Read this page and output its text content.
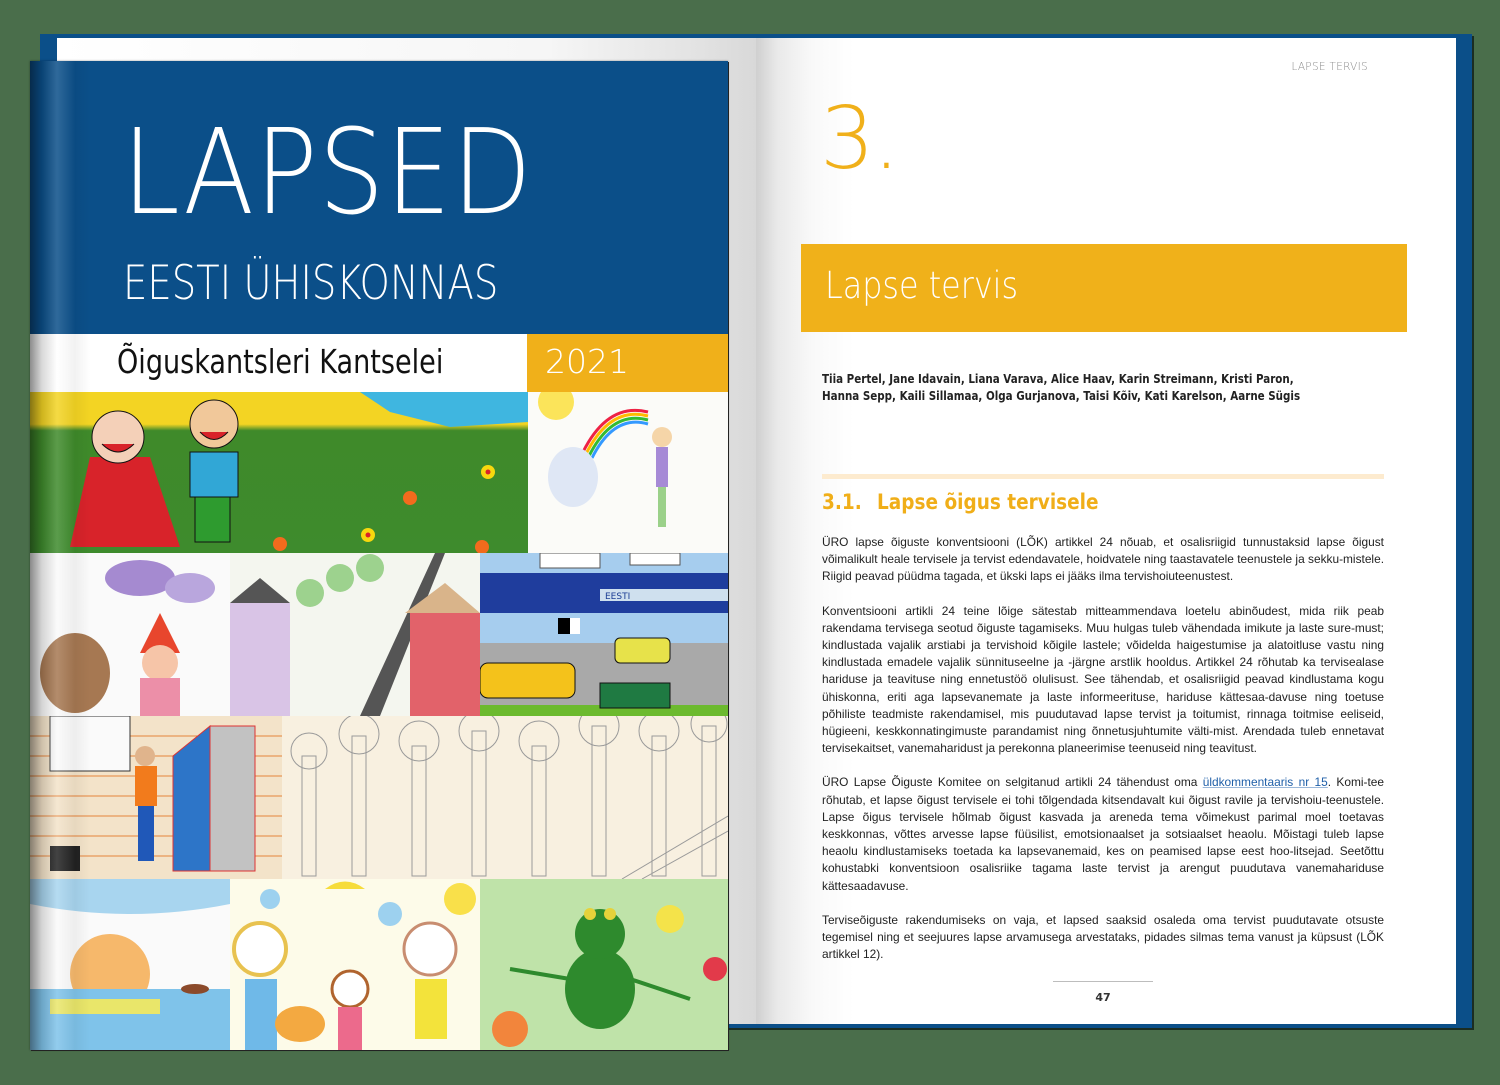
LAPSE TERVIS
3.
Lapse tervis
Tiia Pertel, Jane Idavain, Liana Varava, Alice Haav, Karin Streimann, Kristi Paron,
Hanna Sepp, Kaili Sillamaa, Olga Gurjanova, Taisi Kõiv, Kati Karelson, Aarne Sügis
3.1. Lapse õigus tervisele

ÜRO lapse õiguste konventsiooni (LÕK) artikkel 24 nõuab, et osalisriigid tunnustaksid lapse õigust võimalikult heale tervisele ja tervist edendavatele, hoidvatele ning taastavatele teenustele ja sekku-mistele. Riigid peavad püüdma tagada, et ükski laps ei jääks ilma tervishoiuteenustest.

Konventsiooni artikli 24 teine lõige sätestab mitteammendava loetelu abinõudest, mida riik peab rakendama tervisega seotud õiguste tagamiseks. Muu hulgas tuleb vähendada imikute ja laste sure-must; kindlustada vajalik arstiabi ja tervishoid kõigile lastele; võidelda haigestumise ja alatoitluse vastu ning kindlustada emadele vajalik sünnituseelne ja -järgne arstlik hooldus. Artikkel 24 rõhutab ka tervisealase hariduse ja teavituse ning ennetustöö olulisust. See tähendab, et osalisriigid peavad kindlustama kogu ühiskonna, eriti aga lapsevanemate ja laste informeerituse, hariduse kättesaa-davuse ning toetuse põhiliste teadmiste rakendamisel, mis puudutavad lapse tervist ja toitumist, rinnaga toitmise eeliseid, hügieeni, keskkonnatingimuste parandamist ning õnnetusjuhtumite välti-mist. Arendada tuleb ennetavat tervisekaitset, vanemaharidust ja perekonna planeerimise teenuseid ning teavitust.

ÜRO Lapse Õiguste Komitee on selgitanud artikli 24 tähendust oma üldkommentaaris nr 15. Komi-tee rõhutab, et lapse õigust tervisele ei tohi tõlgendada kitsendavalt kui õigust ravile ja tervishoiu-teenustele. Lapse õigus tervisele hõlmab õigust kasvada ja areneda tema võimekust parimal moel toetavas keskkonnas, võttes arvesse lapse füüsilist, emotsionaalset ja sotsiaalset heaolu. Mõistagi tuleb lapse heaolu kindlustamiseks toetada ka lapsevanemaid, kes on peamised lapse eest hoo-litsejad. Seetõttu kohustabki konventsioon osalisriike tagama laste tervist ja arengut puudutava vanemahariduse kättesaadavuse.

Terviseõiguste rakendumiseks on vaja, et lapsed saaksid osaleda oma tervist puudutavate otsuste tegemisel ning et seejuures lapse arvamusega arvestataks, pidades silmas tema vanust ja küpsust (LÕK artikkel 12).

47
LAPSED
EESTI ÜHISKONNAS
Õiguskantsleri Kantselei	2021
EESTI
